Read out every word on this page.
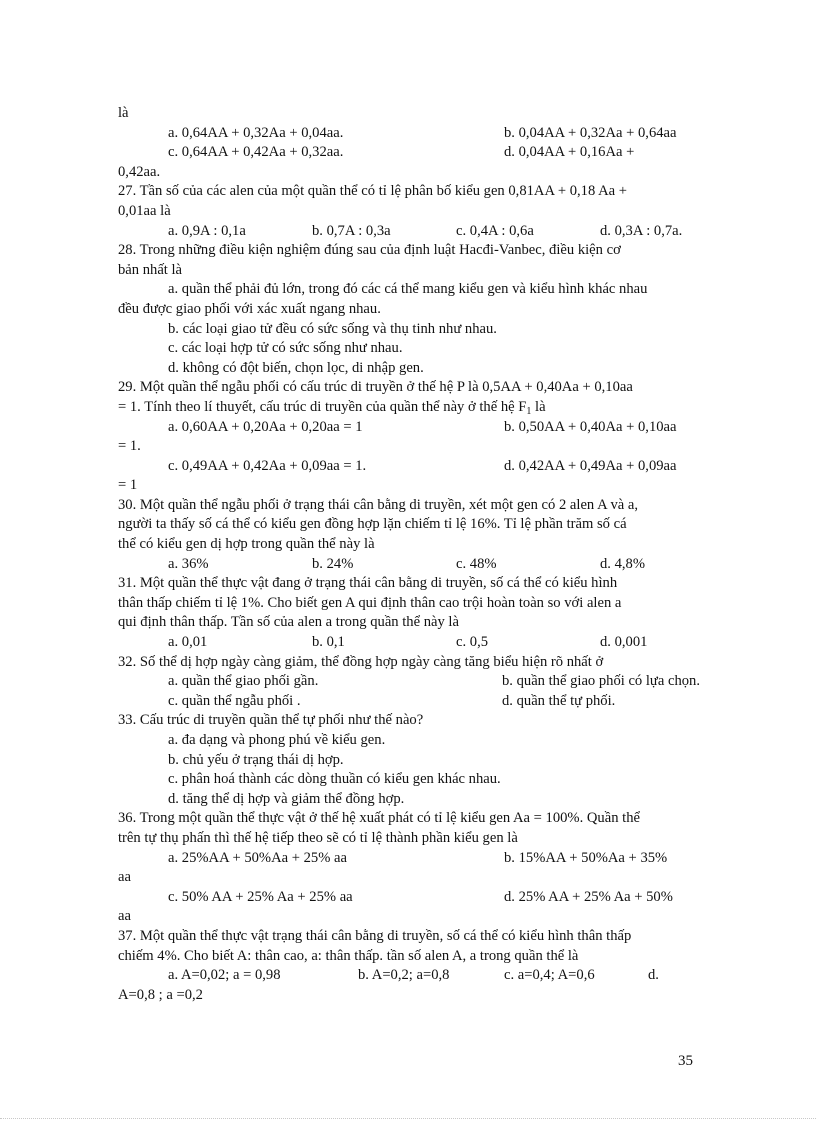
là
a. 0,64AA + 0,32Aa + 0,04aa.	b. 0,04AA + 0,32Aa + 0,64aa
c. 0,64AA + 0,42Aa + 0,32aa.	d. 0,04AA + 0,16Aa +
0,42aa.
27. Tần số của các alen của một quần thể có tỉ lệ phân bố kiểu gen 0,81AA + 0,18 Aa +
0,01aa là
a. 0,9A : 0,1a	b. 0,7A : 0,3a	c. 0,4A : 0,6a	d. 0,3A : 0,7a.
28. Trong những điều kiện nghiệm đúng sau của định luật Hacđi-Vanbec, điều kiện cơ
bản nhất là
a. quần thể phải đủ lớn, trong đó các cá thể mang kiểu gen và kiểu hình khác nhau
đều được giao phối với xác xuất ngang nhau.
b. các loại giao tử đều có sức sống và thụ tinh như nhau.
c. các loại hợp tử có sức sống như nhau.
d. không có đột biến, chọn lọc, di nhập gen.
29. Một quần thể ngẫu phối có cấu trúc di truyền ở thế hệ P là 0,5AA + 0,40Aa + 0,10aa
= 1. Tính theo lí thuyết, cấu trúc di truyền của quần thể này ở thế hệ $F_1$ là
a. 0,60AA + 0,20Aa + 0,20aa = 1	b. 0,50AA + 0,40Aa + 0,10aa
= 1.
c. 0,49AA + 0,42Aa + 0,09aa = 1.	d. 0,42AA + 0,49Aa + 0,09aa
= 1
30. Một quần thể ngẫu phối ở trạng thái cân bằng di truyền, xét một gen có 2 alen A và a,
người ta thấy số cá thể có kiểu gen đồng hợp lặn chiếm tỉ lệ 16%. Tỉ lệ phần trăm số cá
thể có kiểu gen dị hợp trong quần thể này là
a. 36%	b. 24%	c. 48%	d. 4,8%
31. Một quần thể thực vật đang ở trạng thái cân bằng di truyền, số cá thể có kiểu hình
thân thấp chiếm tỉ lệ 1%. Cho biết gen A qui định thân cao trội hoàn toàn so với alen a
qui định thân thấp. Tần số của alen a trong quần thể này là
a. 0,01	b. 0,1	c. 0,5	d. 0,001
32. Số thể dị hợp ngày càng giảm, thể đồng hợp ngày càng tăng biểu hiện rõ nhất ở
a. quần thể giao phối gần.	b. quần thể giao phối có lựa chọn.
c. quần thể ngẫu phối .	d. quần thể tự phối.
33. Cấu trúc di truyền quần thể tự phối như thế nào?
a. đa dạng và phong phú về kiểu gen.
b. chủ yếu ở trạng thái dị hợp.
c. phân hoá thành các dòng thuần có kiểu gen khác nhau.
d. tăng thể dị hợp và giảm thể đồng hợp.
36. Trong một quần thể thực vật ở thế hệ xuất phát có tỉ lệ kiểu gen Aa = 100%. Quần thể
trên tự thụ phấn thì thế hệ tiếp theo sẽ có tỉ lệ thành phần kiểu gen là
a. 25%AA + 50%Aa + 25% aa	b. 15%AA + 50%Aa + 35%
aa
c. 50% AA + 25% Aa + 25% aa	d. 25% AA + 25% Aa + 50%
aa
37. Một quần thể thực vật trạng thái cân bằng di truyền, số cá thể có kiểu hình thân thấp
chiếm 4%. Cho biết A: thân cao, a: thân thấp. tần số alen A, a trong quần thể là
a. A=0,02; a = 0,98	b. A=0,2; a=0,8	c. a=0,4; A=0,6	d.
A=0,8 ; a =0,2
35
